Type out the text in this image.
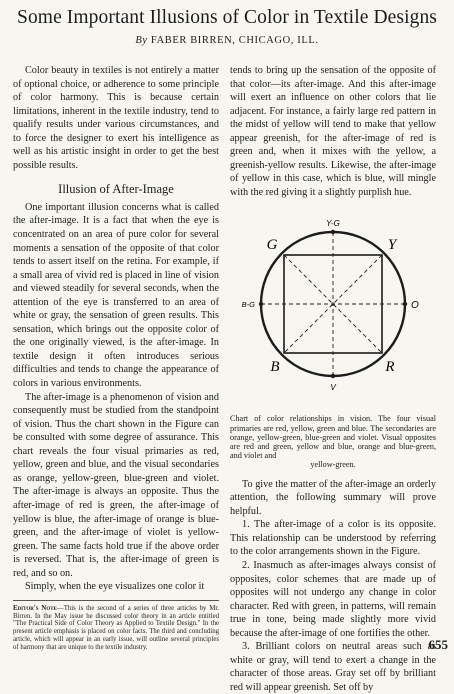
Some Important Illusions of Color in Textile Designs
By FABER BIRREN, CHICAGO, ILL.

Color beauty in textiles is not entirely a matter of optional choice, or adherence to some principle of color harmony. This is because certain limitations, inherent in the textile industry, tend to qualify results under various circumstances, and to force the designer to exert his intelligence as well as his artistic insight in order to get the best possible results.

Illusion of After-Image

One important illusion concerns what is called the after-image. It is a fact that when the eye is concentrated on an area of pure color for several moments a sensation of the opposite of that color tends to assert itself on the retina. For example, if a small area of vivid red is placed in line of vision and viewed steadily for several seconds, when the attention of the eye is transferred to an area of white or gray, the sensation of green results. This sensation, which brings out the opposite color of the one originally viewed, is the after-image. In textile design it often introduces serious difficulties and tends to change the appearance of colors in various environments.

The after-image is a phenomenon of vision and consequently must be studied from the standpoint of vision. Thus the chart shown in the Figure can be consulted with some degree of assurance. This chart reveals the four visual primaries as red, yellow, green and blue, and the visual secondaries as orange, yellow-green, blue-green and violet. The after-image is always an opposite. Thus the after-image of red is green, the after-image of yellow is blue, the after-image of orange is blue-green, and the after-image of violet is yellow-green. The same facts hold true if the above order is reversed. That is, the after-image of green is red, and so on.

Simply, when the eye visualizes one color it

Editor's Note—This is the second of a series of three articles by Mr. Birren. In the May issue he discussed color theory in an article entitled "The Practical Side of Color Theory as Applied to Textile Design." In the present article emphasis is placed on color facts. The third and concluding article, which will appear in an early issue, will outline several principles of harmony that are unique to the textile industry.

tends to bring up the sensation of the opposite of that color—its after-image. And this after-image will exert an influence on other colors that lie adjacent. For instance, a fairly large red pattern in the midst of yellow will tend to make that yellow appear greenish, for the after-image of red is green and, when it mixes with the yellow, a greenish-yellow results. Likewise, the after-image of yellow in this case, which is blue, will mingle with the red giving it a slightly purplish hue.

Y-G
B-G	O
V
G	Y
B	R
Chart of color relationships in vision. The four visual primaries are red, yellow, green and blue. The secondaries are orange, yellow-green, blue-green and violet. Visual opposites are red and green, yellow and blue, orange and blue-green, and violet and
yellow-green.

To give the matter of the after-image an orderly attention, the following summary will prove helpful.

1. The after-image of a color is its opposite. This relationship can be understood by referring to the color arrangements shown in the Figure.

2. Inasmuch as after-images always consist of opposites, color schemes that are made up of opposites will not undergo any change in color character. Red with green, in patterns, will remain true in tone, being made slightly more vivid because the after-image of one fortifies the other.

3. Brilliant colors on neutral areas such as white or gray, will tend to exert a change in the character of those areas. Gray set off by brilliant red will appear greenish. Set off by

655
